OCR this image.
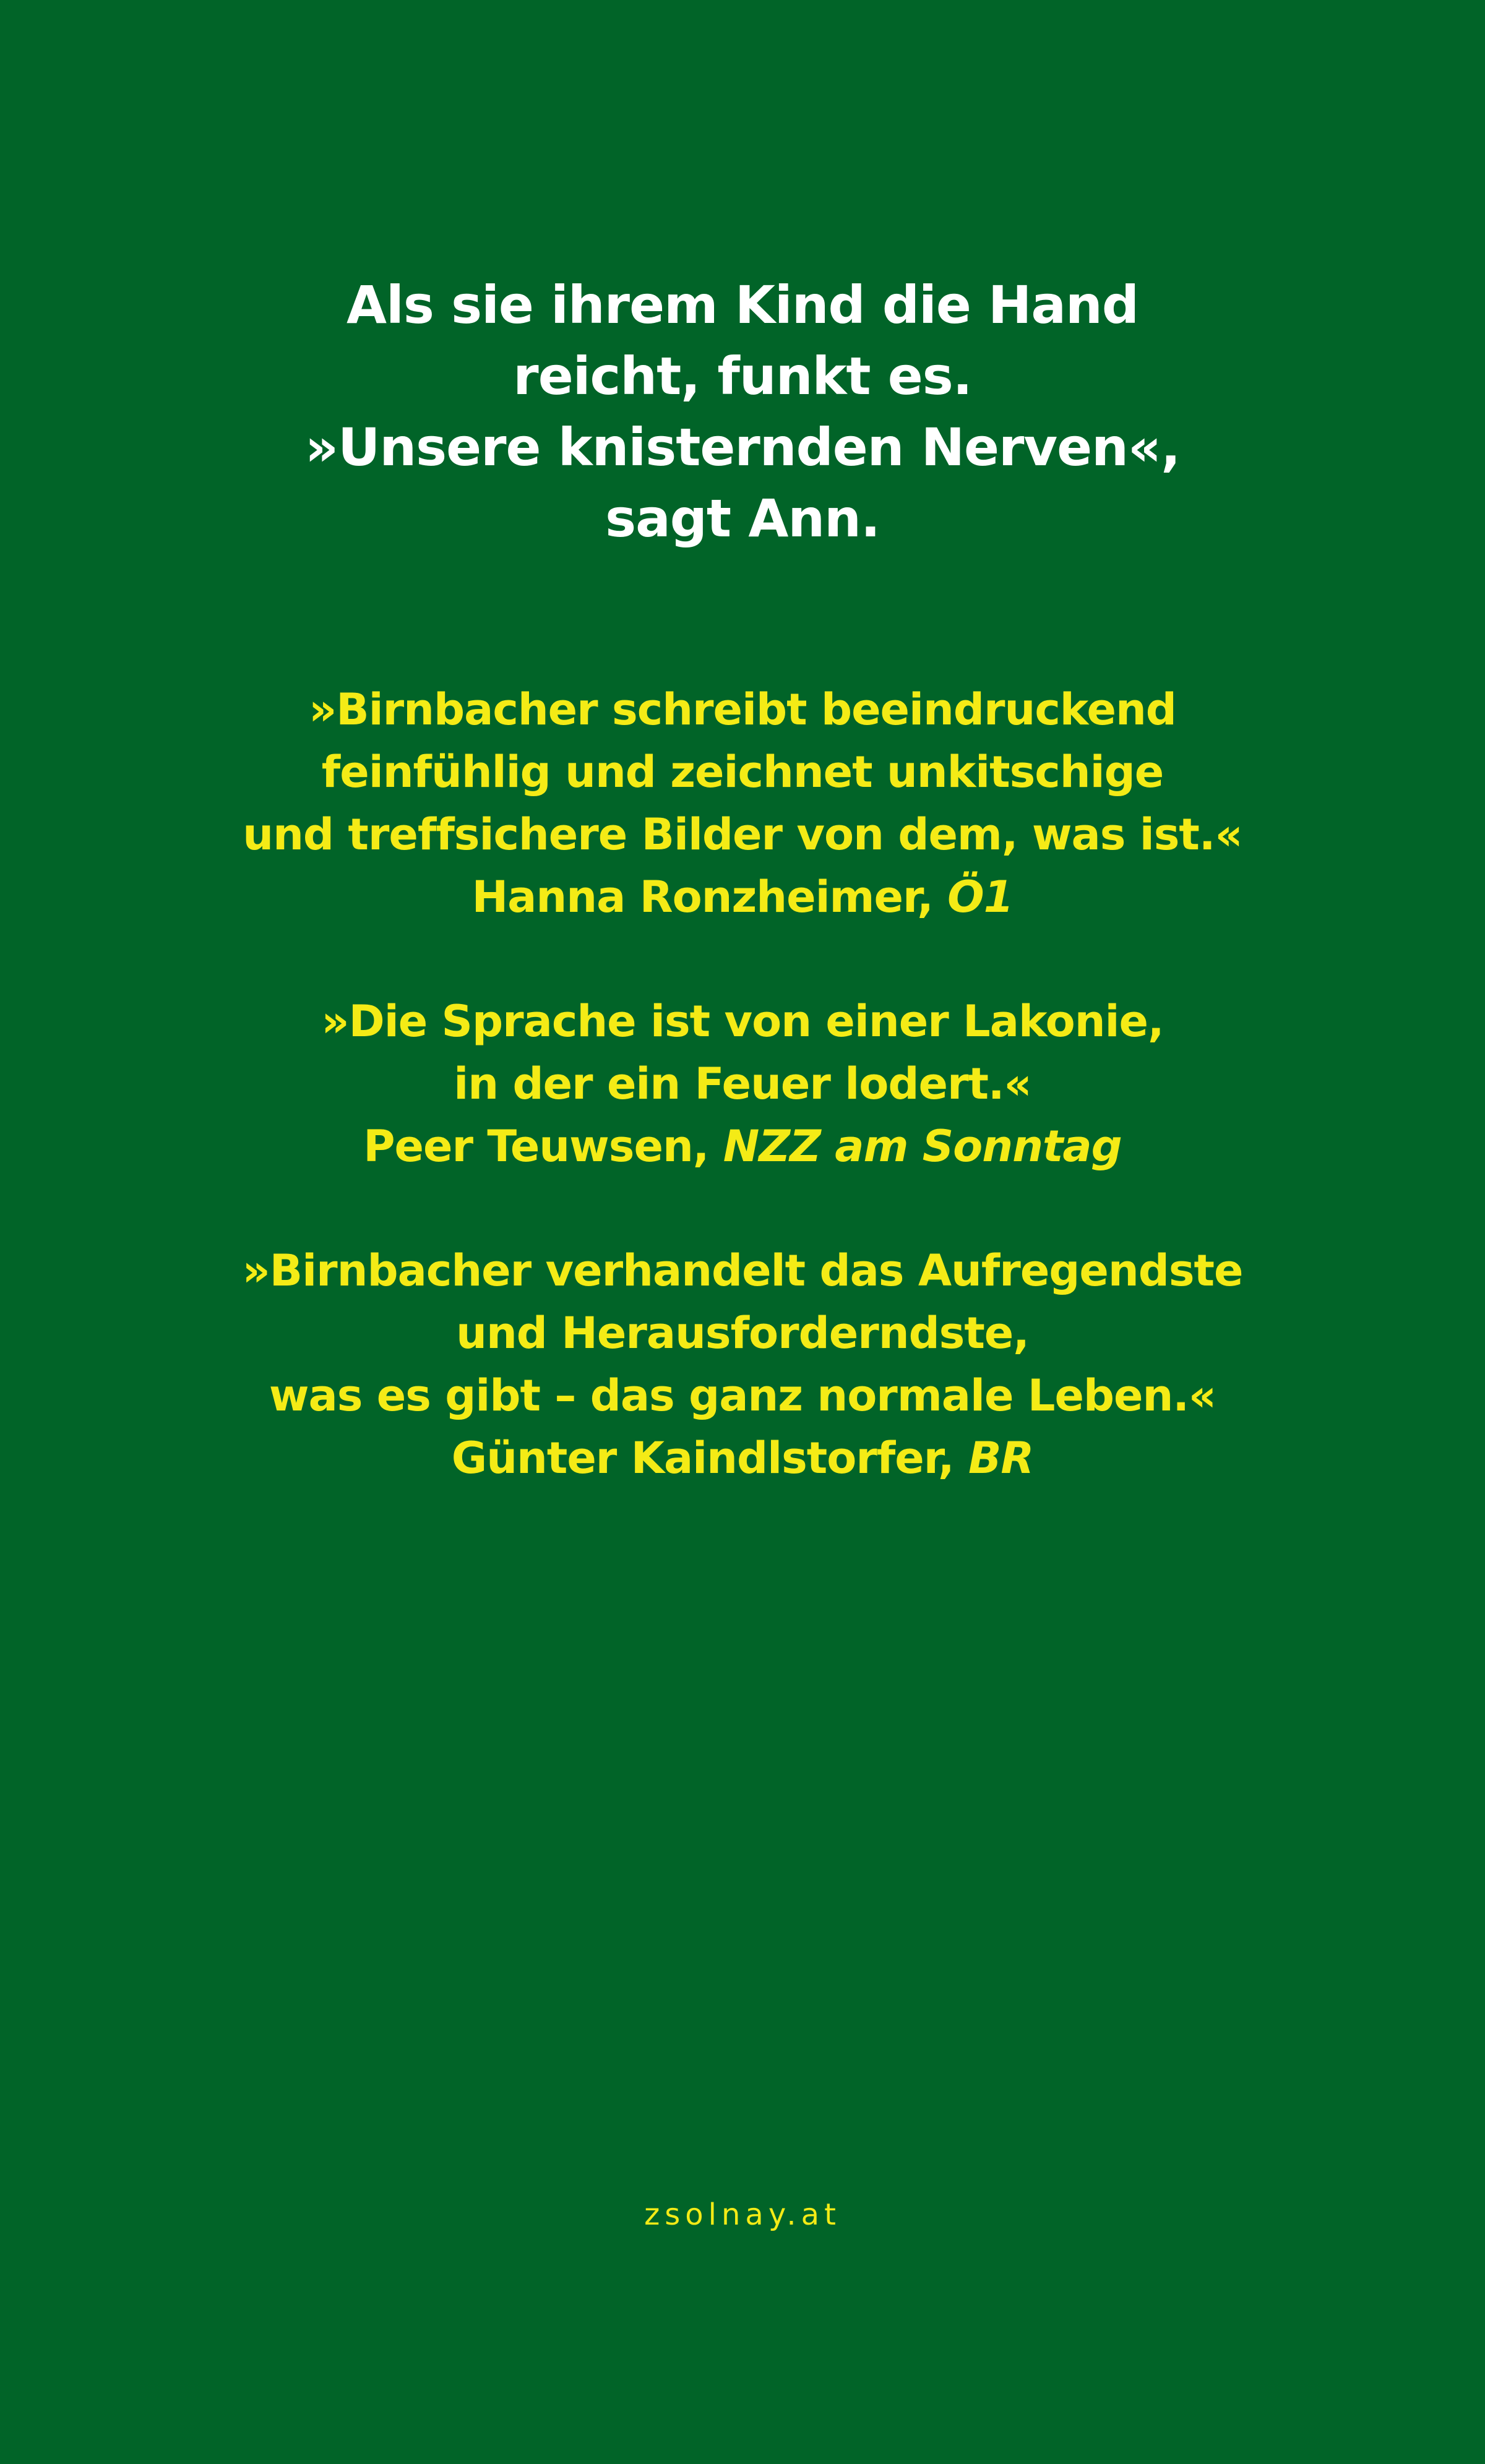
Als sie ihrem Kind die Hand
reicht, funkt es.
»Unsere knisternden Nerven«,
sagt Ann.
»Birnbacher schreibt beeindruckend
feinfühlig und zeichnet unkitschige
und treffsichere Bilder von dem, was ist.«
Hanna Ronzheimer, Ö1
»Die Sprache ist von einer Lakonie,
in der ein Feuer lodert.«
Peer Teuwsen, NZZ am Sonntag
»Birnbacher verhandelt das Aufregendste
und Herausforderndste,
was es gibt – das ganz normale Leben.«
Günter Kaindlstorfer, BR
zsolnay.at
